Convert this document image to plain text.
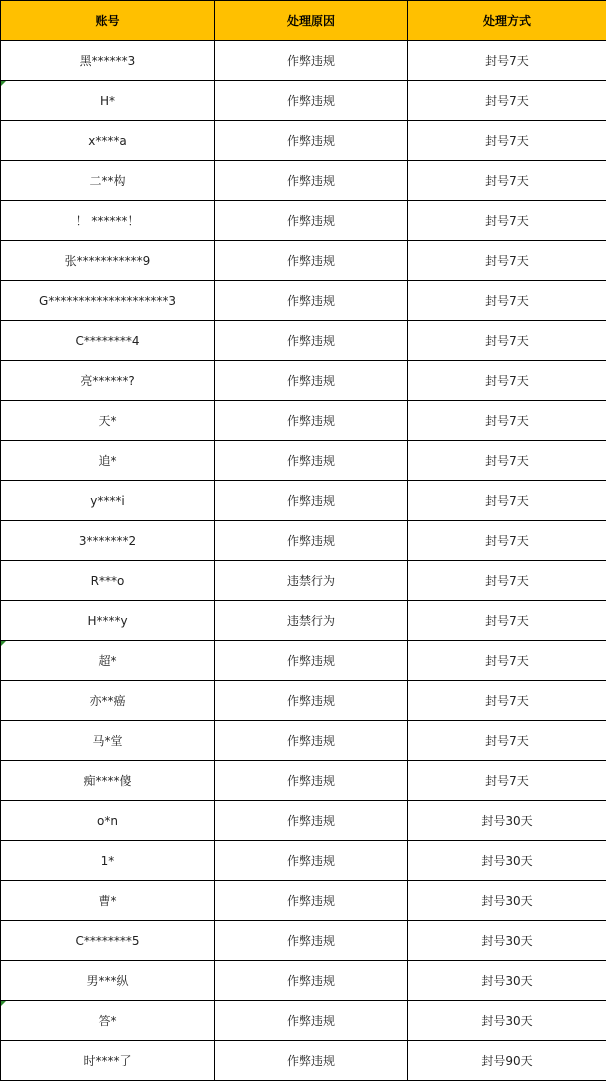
账号	处理原因	处理方式
黑******3	作弊违规	封号7天
H*	作弊违规	封号7天
x****a	作弊违规	封号7天
二**构	作弊违规	封号7天
！ ******！	作弊违规	封号7天
张***********9	作弊违规	封号7天
G********************3	作弊违规	封号7天
C********4	作弊违规	封号7天
亮******?	作弊违规	封号7天
天*	作弊违规	封号7天
追*	作弊违规	封号7天
y****i	作弊违规	封号7天
3*******2	作弊违规	封号7天
R***o	违禁行为	封号7天
H****y	违禁行为	封号7天
超*	作弊违规	封号7天
亦**癌	作弊违规	封号7天
马*堂	作弊违规	封号7天
痴****傻	作弊违规	封号7天
o*n	作弊违规	封号30天
1*	作弊违规	封号30天
曹*	作弊违规	封号30天
C********5	作弊违规	封号30天
男***纵	作弊违规	封号30天
答*	作弊违规	封号30天
时****了	作弊违规	封号90天
